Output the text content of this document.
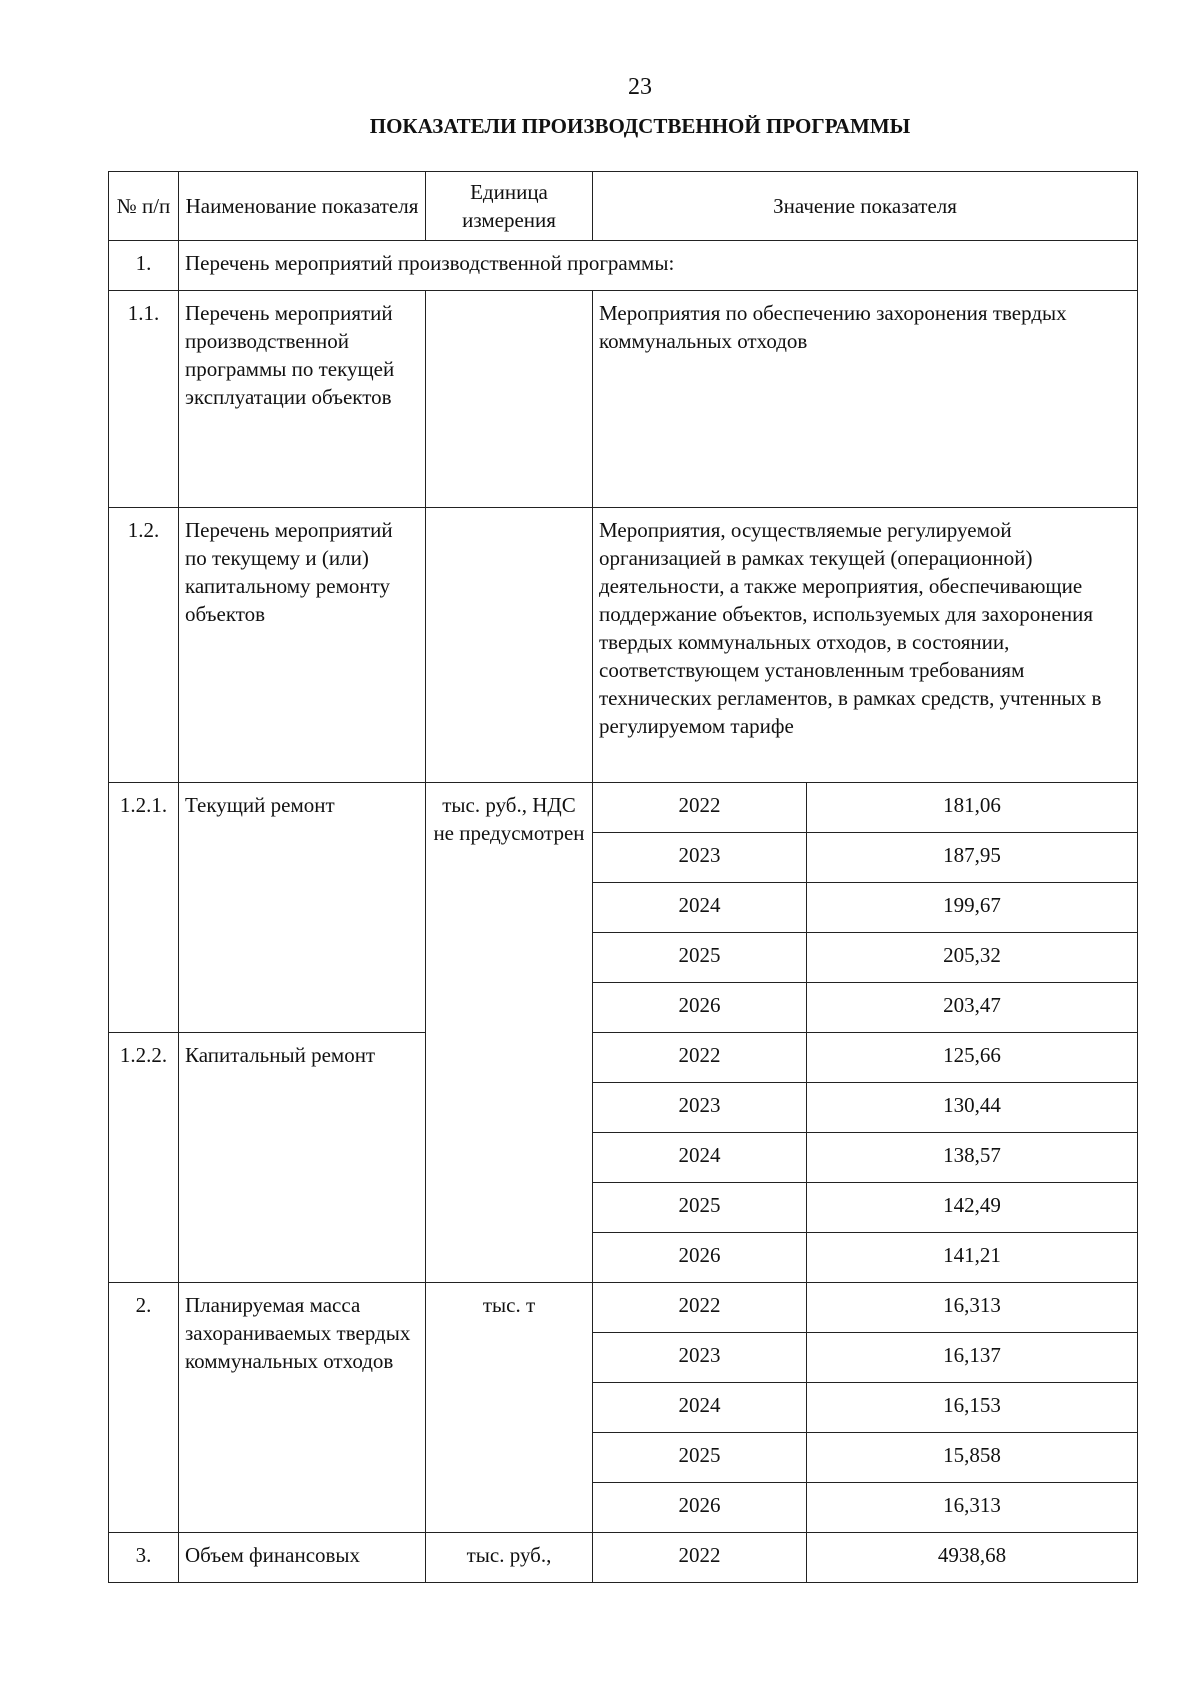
23
ПОКАЗАТЕЛИ ПРОИЗВОДСТВЕННОЙ ПРОГРАММЫ
№ п/п	Наименование показателя	Единица измерения	Значение показателя	
1.	Перечень мероприятий производственной программы:			
1.1.	Перечень мероприятий производственной программы по текущей эксплуатации объектов		Мероприятия по обеспечению захоронения твердых коммунальных отходов	
1.2.	Перечень мероприятий по текущему и (или) капитальному ремонту объектов		Мероприятия, осуществляемые регулируемой организацией в рамках текущей (операционной) деятельности, а также мероприятия, обеспечивающие поддержание объектов, используемых для захоронения твердых коммунальных отходов, в состоянии, соответствующем установленным требованиям технических регламентов, в рамках средств, учтенных в регулируемом тарифе	
1.2.1.	Текущий ремонт	тыс. руб., НДС не предусмотрен	2022	181,06
			2023	187,95
			2024	199,67
			2025	205,32
			2026	203,47
1.2.2.	Капитальный ремонт		2022	125,66
			2023	130,44
			2024	138,57
			2025	142,49
			2026	141,21
2.	Планируемая масса захораниваемых твердых коммунальных отходов	тыс. т	2022	16,313
			2023	16,137
			2024	16,153
			2025	15,858
			2026	16,313
3.	Объем финансовых	тыс. руб.,	2022	4938,68
